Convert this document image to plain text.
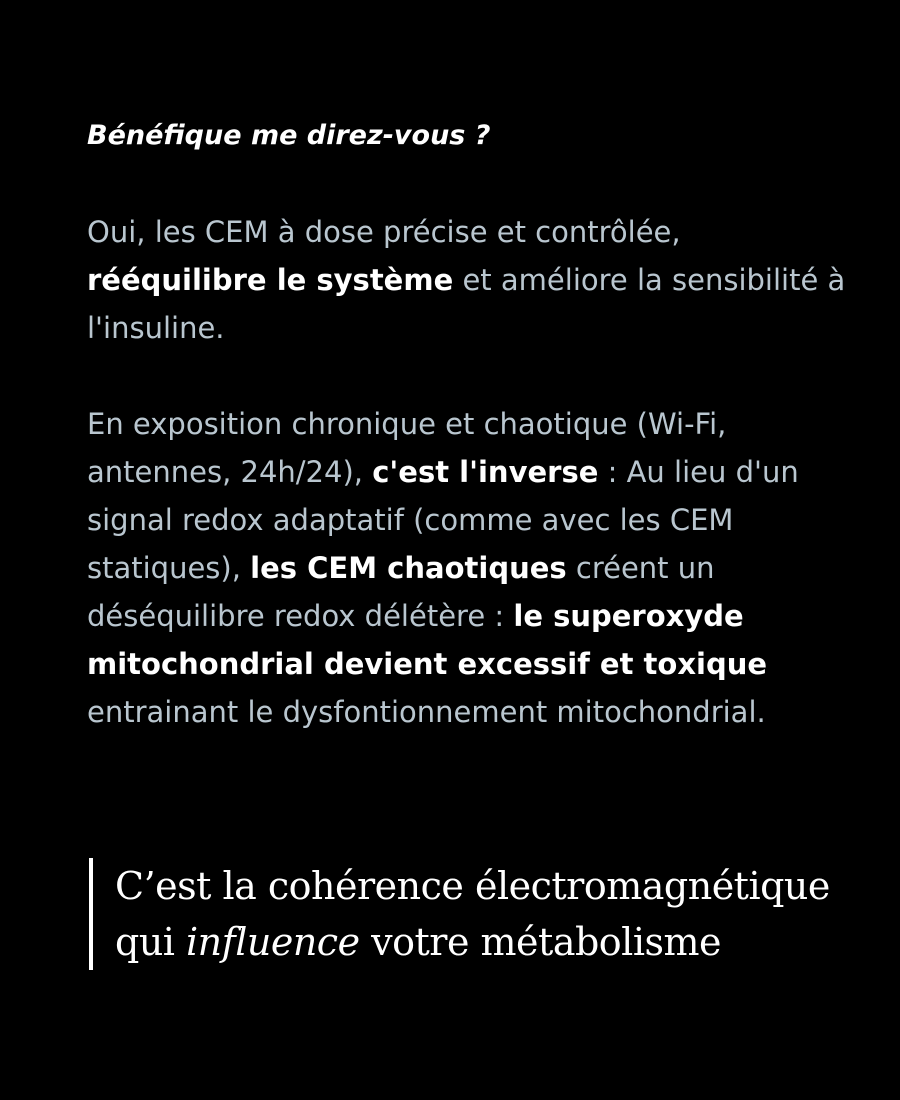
Bénéfique me direz-vous ?

Oui, les CEM à dose précise et contrôlée, rééquilibre le système et améliore la sensibilité à l'insuline.

En exposition chronique et chaotique (Wi-Fi, antennes, 24h/24), c'est l'inverse : Au lieu d'un signal redox adaptatif (comme avec les CEM statiques), les CEM chaotiques créent un déséquilibre redox délétère : le superoxyde mitochondrial devient excessif et toxique entrainant le dysfontionnement mitochondrial.

C’est la cohérence électromagnétique
qui influence votre métabolisme
